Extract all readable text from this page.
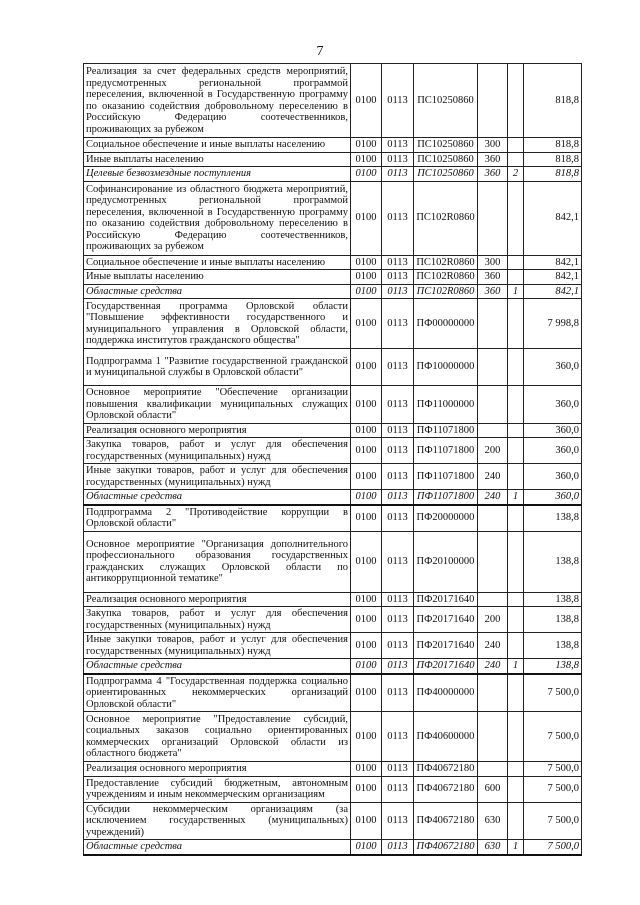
7
Реализация за счет федеральных средств мероприятий, предусмотренных региональной программой переселения, включенной в Государственную программу по оказанию содействия добровольному переселению в Российскую Федерацию соотечественников, проживающих за рубежом	0100	0113	ПС10250860			818,8
Социальное обеспечение и иные выплаты населению	0100	0113	ПС10250860	300		818,8
Иные выплаты населению	0100	0113	ПС10250860	360		818,8
Целевые безвозмездные поступления	0100	0113	ПС10250860	360	2	818,8
Софинансирование из областного бюджета мероприятий, предусмотренных региональной программой переселения, включенной в Государственную программу по оказанию содействия добровольному переселению в Российскую Федерацию соотечественников, проживающих за рубежом	0100	0113	ПС102R0860			842,1
Социальное обеспечение и иные выплаты населению	0100	0113	ПС102R0860	300		842,1
Иные выплаты населению	0100	0113	ПС102R0860	360		842,1
Областные средства	0100	0113	ПС102R0860	360	1	842,1
Государственная программа Орловской области "Повышение эффективности государственного и муниципального управления в Орловской области, поддержка институтов гражданского общества"	0100	0113	ПФ00000000			7 998,8
Подпрограмма 1 "Развитие государственной гражданской и муниципальной службы в Орловской области"	0100	0113	ПФ10000000			360,0
Основное мероприятие "Обеспечение организации повышения квалификации муниципальных служащих Орловской области"	0100	0113	ПФ11000000			360,0
Реализация основного мероприятия	0100	0113	ПФ11071800			360,0
Закупка товаров, работ и услуг для обеспечения государственных (муниципальных) нужд	0100	0113	ПФ11071800	200		360,0
Иные закупки товаров, работ и услуг для обеспечения государственных (муниципальных) нужд	0100	0113	ПФ11071800	240		360,0
Областные средства	0100	0113	ПФ11071800	240	1	360,0
Подпрограмма 2 "Противодействие коррупции в Орловской области"	0100	0113	ПФ20000000			138,8
Основное мероприятие "Организация дополнительного профессионального образования государственных гражданских служащих Орловской области по антикоррупционной тематике"	0100	0113	ПФ20100000			138,8
Реализация основного мероприятия	0100	0113	ПФ20171640			138,8
Закупка товаров, работ и услуг для обеспечения государственных (муниципальных) нужд	0100	0113	ПФ20171640	200		138,8
Иные закупки товаров, работ и услуг для обеспечения государственных (муниципальных) нужд	0100	0113	ПФ20171640	240		138,8
Областные средства	0100	0113	ПФ20171640	240	1	138,8
Подпрограмма 4 "Государственная поддержка социально ориентированных некоммерческих организаций Орловской области"	0100	0113	ПФ40000000			7 500,0
Основное мероприятие "Предоставление субсидий, социальных заказов социально ориентированных коммерческих организаций Орловской области из областного бюджета"	0100	0113	ПФ40600000			7 500,0
Реализация основного мероприятия	0100	0113	ПФ40672180			7 500,0
Предоставление субсидий бюджетным, автономным учреждениям и иным некоммерческим организациям	0100	0113	ПФ40672180	600		7 500,0
Субсидии некоммерческим организациям (за исключением государственных (муниципальных) учреждений)	0100	0113	ПФ40672180	630		7 500,0
Областные средства	0100	0113	ПФ40672180	630	1	7 500,0
